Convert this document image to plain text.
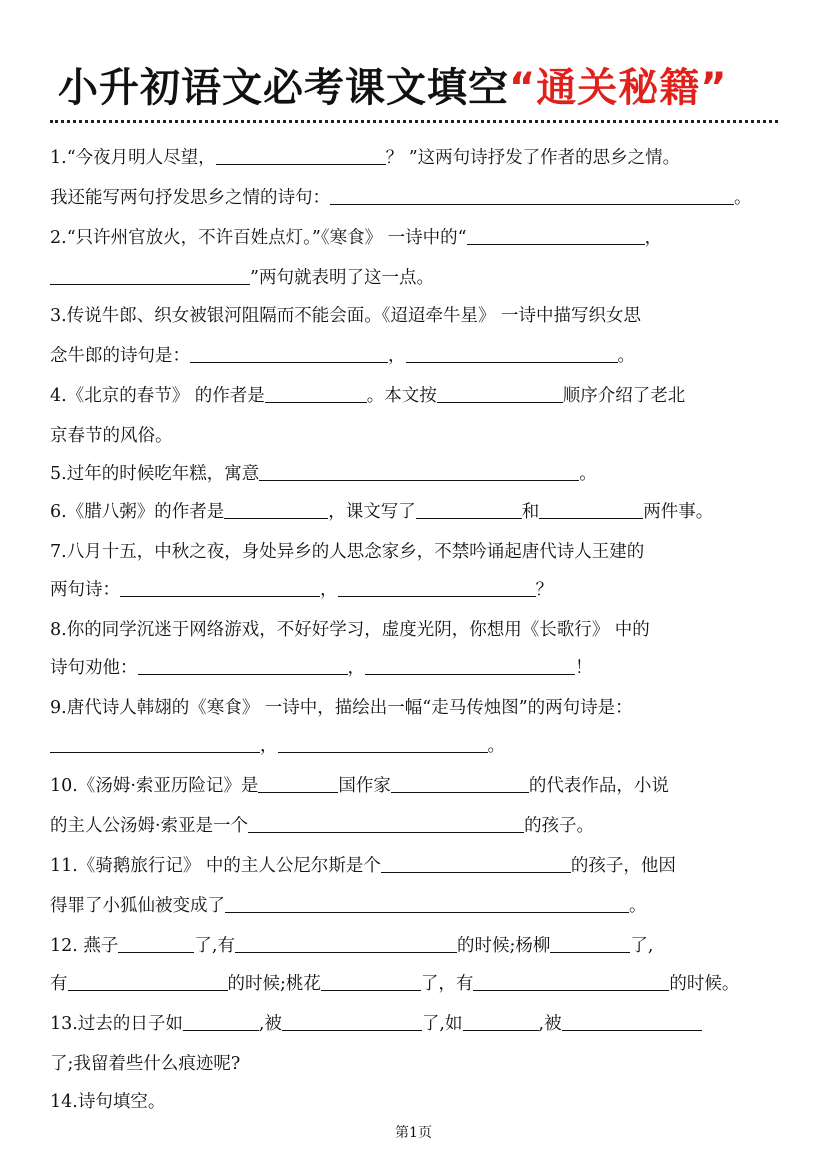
小升初语文必考课文填空“通关秘籍”
1.“今夜月明人尽望，	？ ”这两句诗抒发了作者的思乡之情。
我还能写两句抒发思乡之情的诗句：	。
2.“只许州官放火，不许百姓点灯。”《寒食》 一诗中的“	，
”两句就表明了这一点。
3.传说牛郎、织女被银河阻隔而不能会面。《迢迢牵牛星》 一诗中描写织女思
念牛郎的诗句是：	，	。
4.《北京的春节》 的作者是	。本文按	顺序介绍了老北
京春节的风俗。
5.过年的时候吃年糕，寓意	。
6.《腊八粥》的作者是	，课文写了	和	两件事。
7.八月十五，中秋之夜，身处异乡的人思念家乡，不禁吟诵起唐代诗人王建的
两句诗：	，	？
8.你的同学沉迷于网络游戏，不好好学习，虚度光阴，你想用《长歌行》 中的
诗句劝他：	，	！
9.唐代诗人韩翃的《寒食》 一诗中，描绘出一幅“走马传烛图”的两句诗是：
，	。
10.《汤姆·索亚历险记》是	国作家	的代表作品，小说
的主人公汤姆·索亚是一个	的孩子。
11.《骑鹅旅行记》 中的主人公尼尔斯是个	的孩子，他因
得罪了小狐仙被变成了	。
12. 燕子	了,有	的时候;杨柳	了,
有	的时候;桃花	了，有	的时候。
13.过去的日子如	,被	了,如	,被
了;我留着些什么痕迹呢?
14.诗句填空。
第1页
